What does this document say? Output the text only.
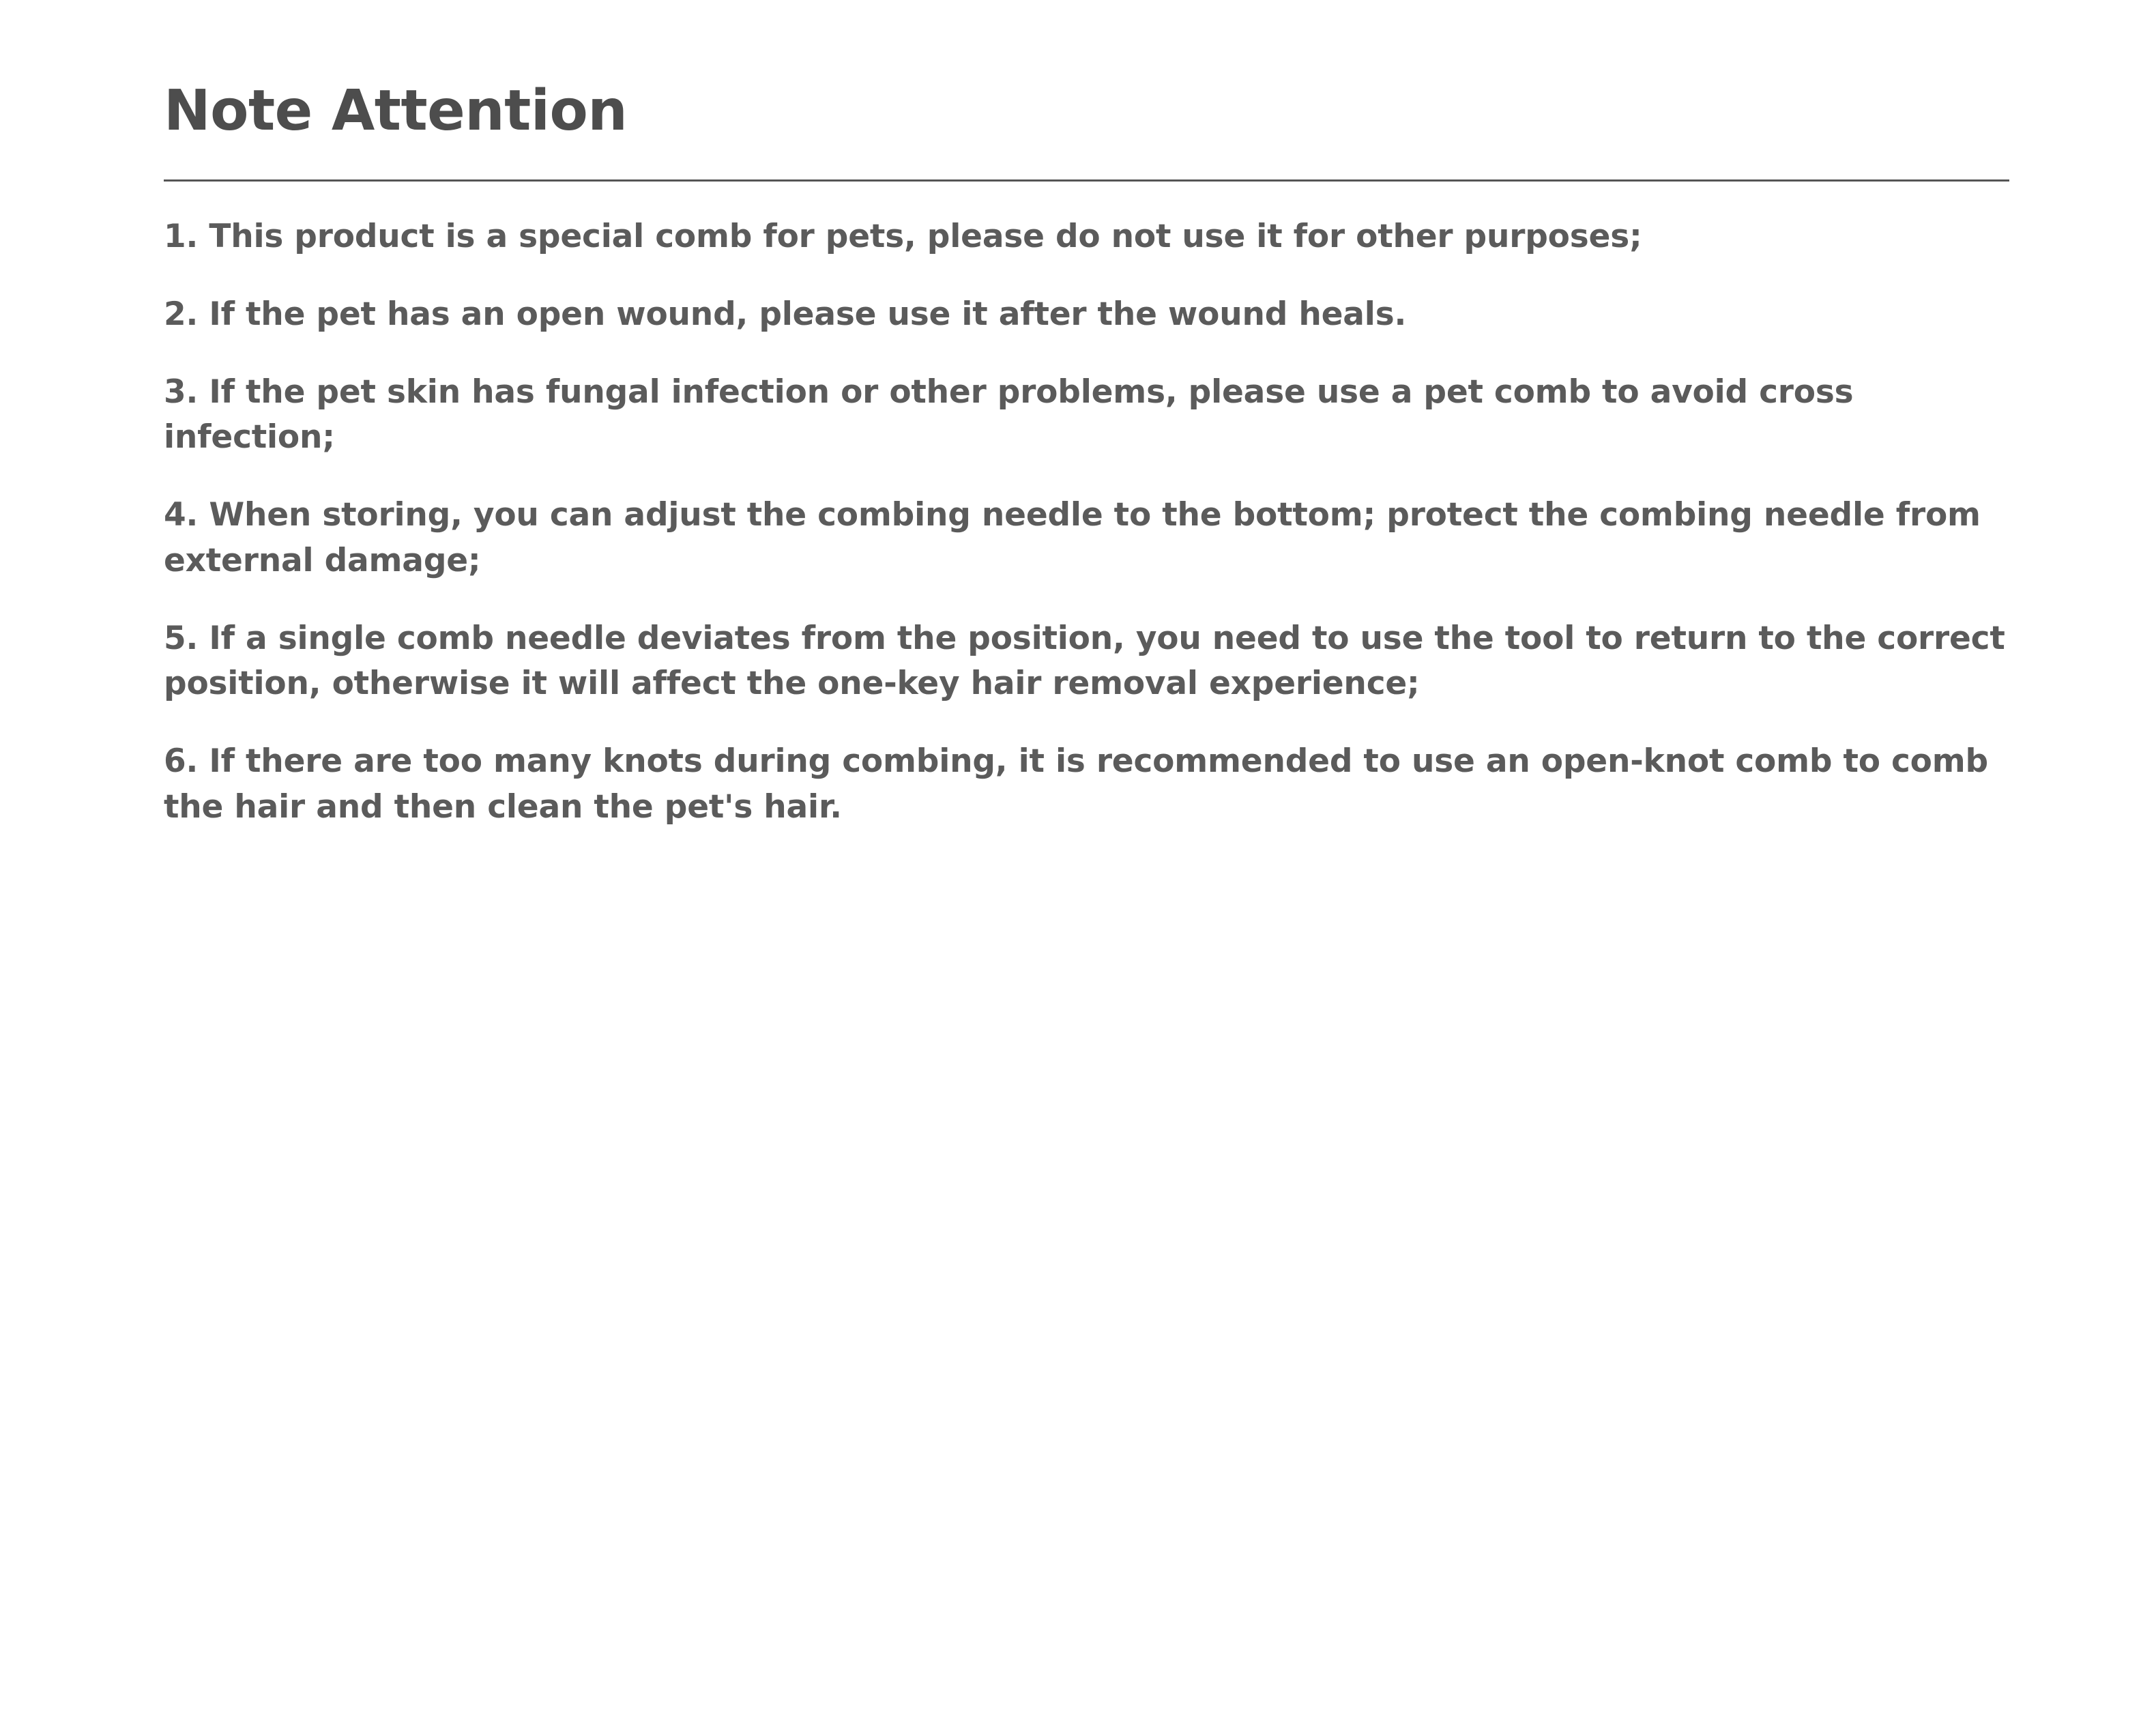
Note Attention

1. This product is a special comb for pets, please do not use it for other purposes;

2. If the pet has an open wound, please use it after the wound heals.

3. If the pet skin has fungal infection or other problems, please use a pet comb to avoid cross infection;

4. When storing, you can adjust the combing needle to the bottom; protect the combing needle from external damage;

5. If a single comb needle deviates from the position, you need to use the tool to return to the correct position, otherwise it will affect the one-key hair removal experience;

6. If there are too many knots during combing, it is recommended to use an open-knot comb to comb the hair and then clean the pet's hair.
